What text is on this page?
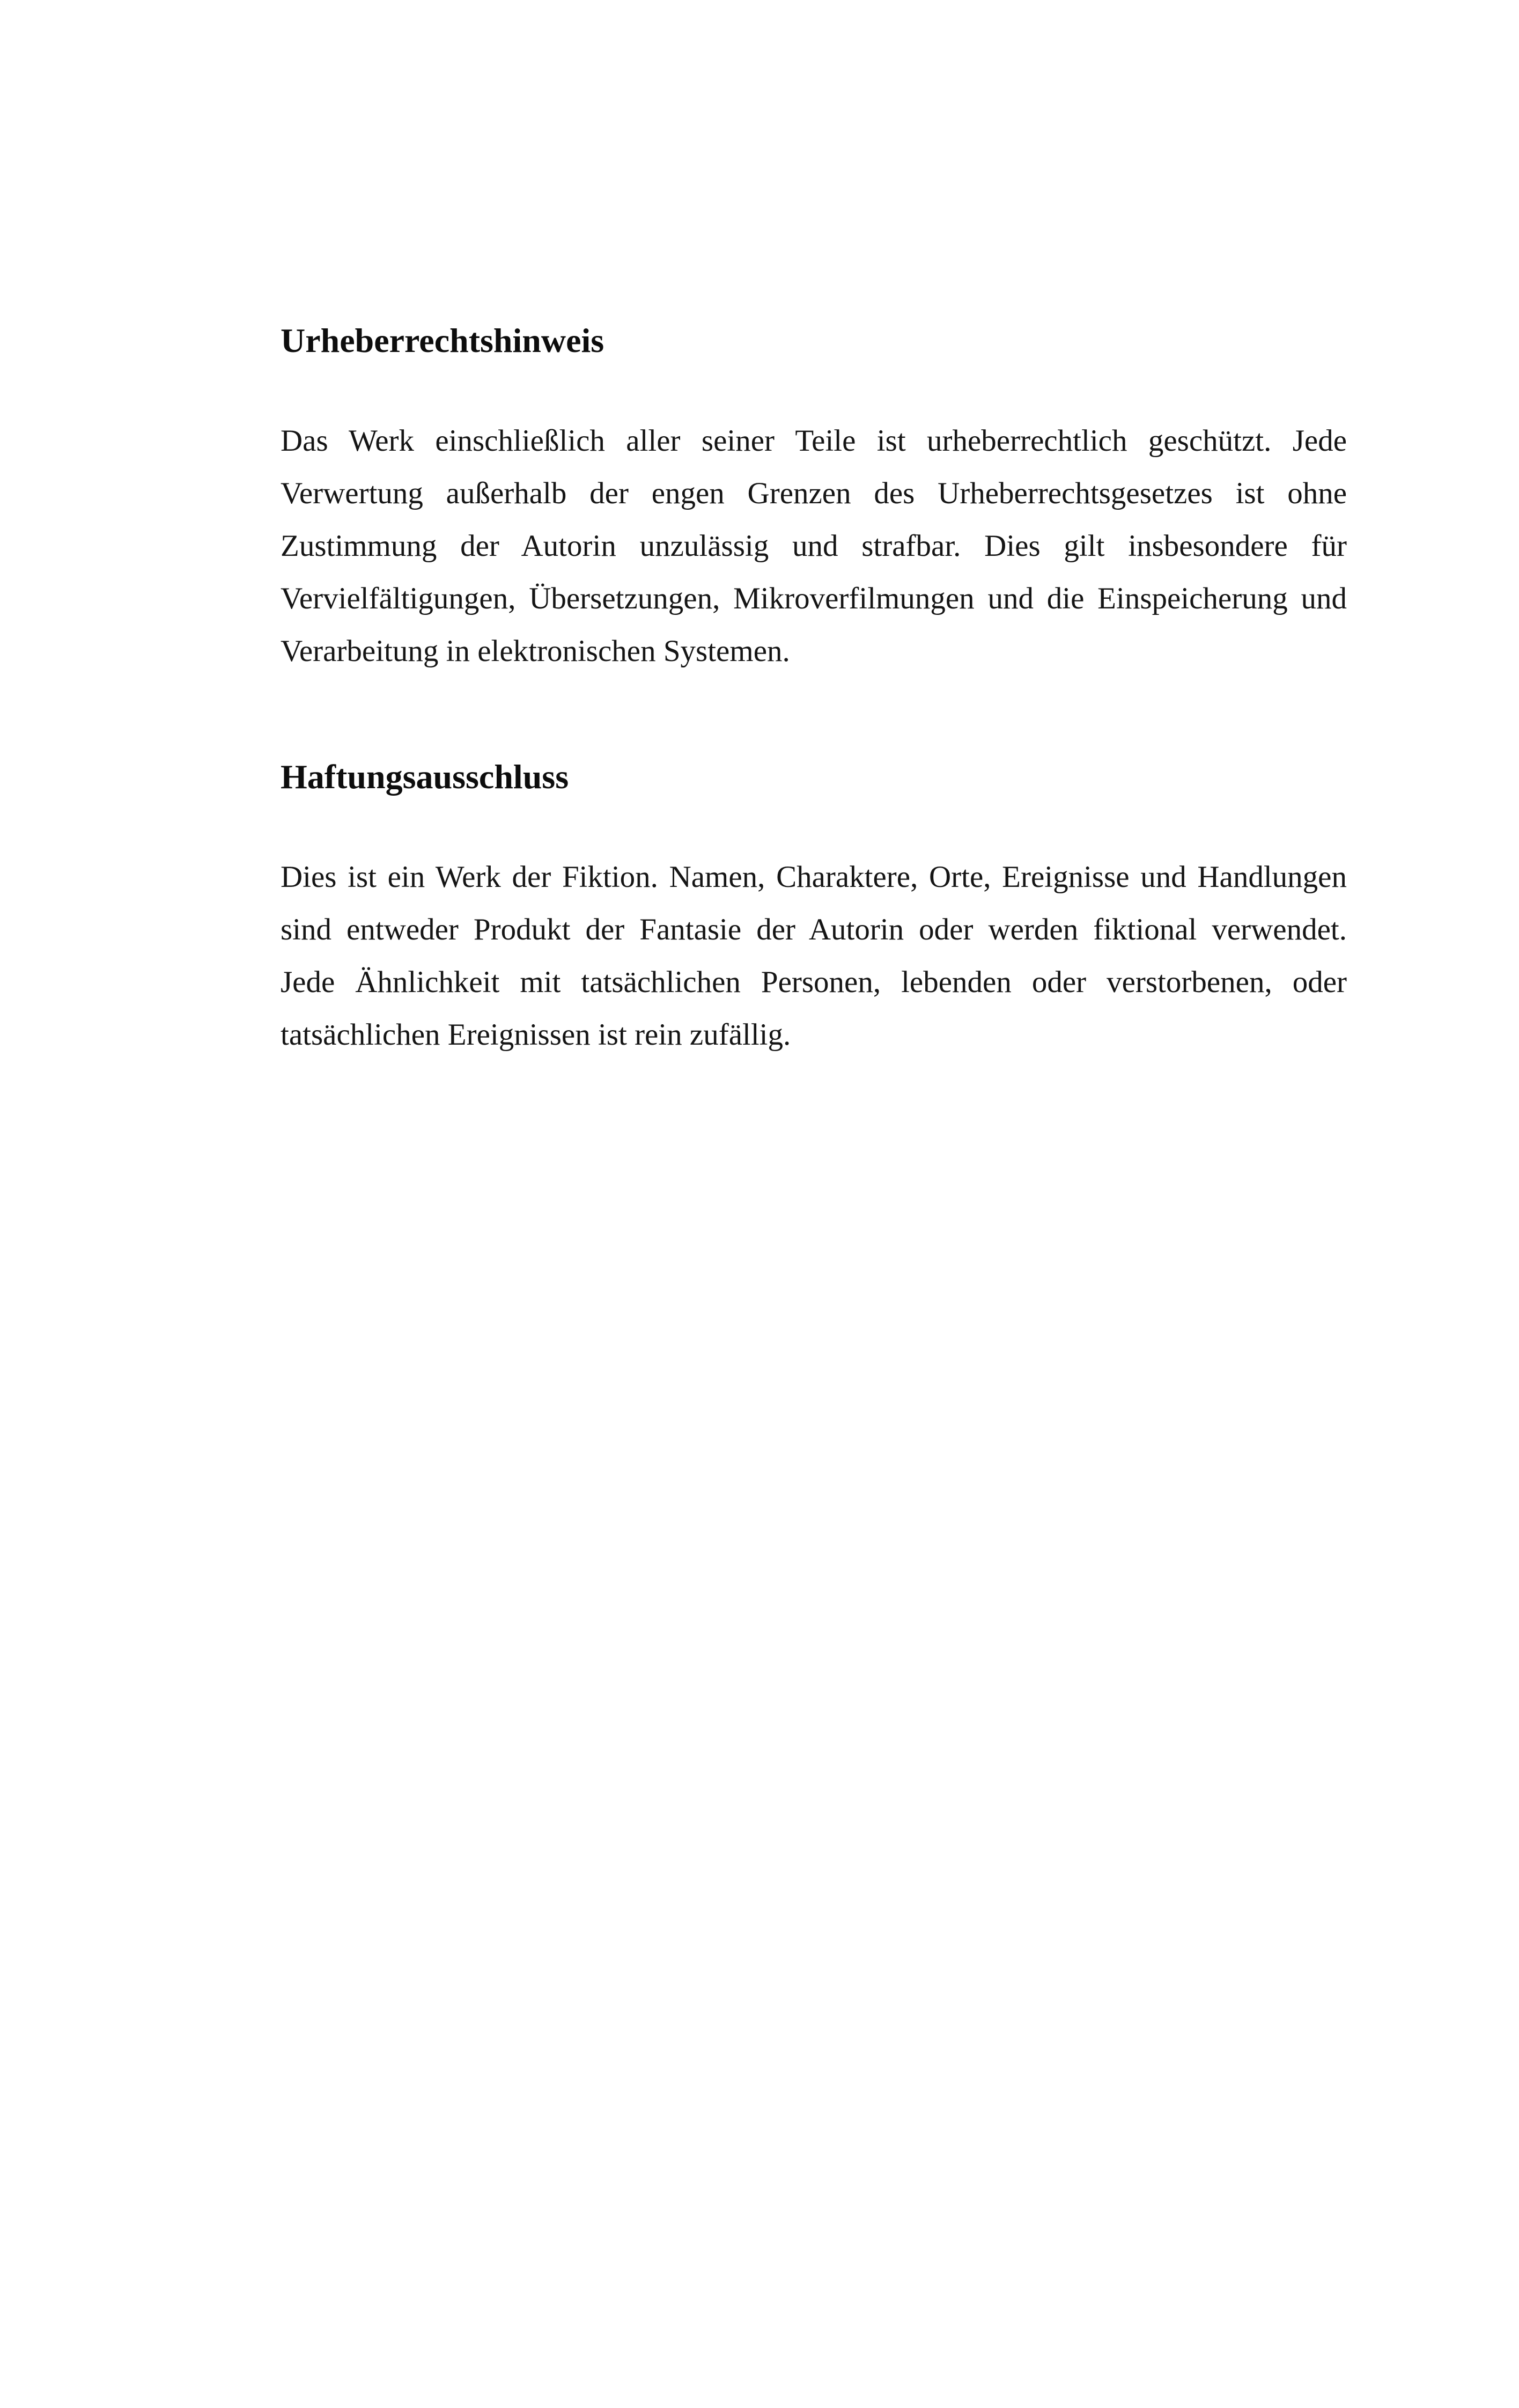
Urheberrechtshinweis

Das Werk einschließlich aller seiner Teile ist urheberrechtlich geschützt. Jede
Verwertung außerhalb der engen Grenzen des Urheberrechtsgesetzes ist ohne
Zustimmung der Autorin unzulässig und strafbar. Dies gilt insbesondere für
Vervielfältigungen, Übersetzungen, Mikroverfilmungen und die Einspeicherung und
Verarbeitung in elektronischen Systemen.

Haftungsausschluss

Dies ist ein Werk der Fiktion. Namen, Charaktere, Orte, Ereignisse und Handlungen
sind entweder Produkt der Fantasie der Autorin oder werden fiktional verwendet.
Jede Ähnlichkeit mit tatsächlichen Personen, lebenden oder verstorbenen, oder
tatsächlichen Ereignissen ist rein zufällig.
